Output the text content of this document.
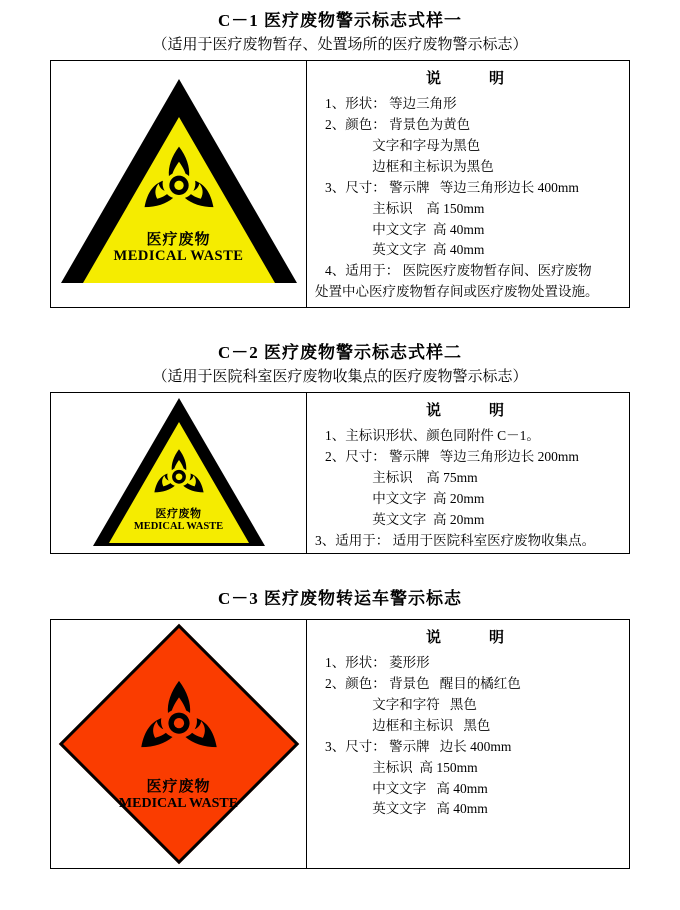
C－1 医疗废物警示标志式样一
（适用于医疗废物暂存、处置场所的医疗废物警示标志）
医疗废物
MEDICAL WASTE
说　　明
1、形状： 等边三角形
2、颜色： 背景色为黄色
文字和字母为黑色
边框和主标识为黑色
3、尺寸： 警示牌   等边三角形边长 400mm
主标识    高 150mm
中文文字  高 40mm
英文文字  高 40mm
4、适用于： 医院医疗废物暂存间、医疗废物
处置中心医疗废物暂存间或医疗废物处置设施。
C－2 医疗废物警示标志式样二
（适用于医院科室医疗废物收集点的医疗废物警示标志）
医疗废物
MEDICAL WASTE
说　　明
1、主标识形状、颜色同附件 C－1。
2、尺寸： 警示牌   等边三角形边长 200mm
主标识    高 75mm
中文文字  高 20mm
英文文字  高 20mm
3、适用于： 适用于医院科室医疗废物收集点。
C－3 医疗废物转运车警示标志
医疗废物
MEDICAL WASTE
说　　明
1、形状： 菱形形
2、颜色： 背景色   醒目的橘红色
文字和字符   黑色
边框和主标识   黑色
3、尺寸： 警示牌   边长 400mm
主标识  高 150mm
中文文字   高 40mm
英文文字   高 40mm
